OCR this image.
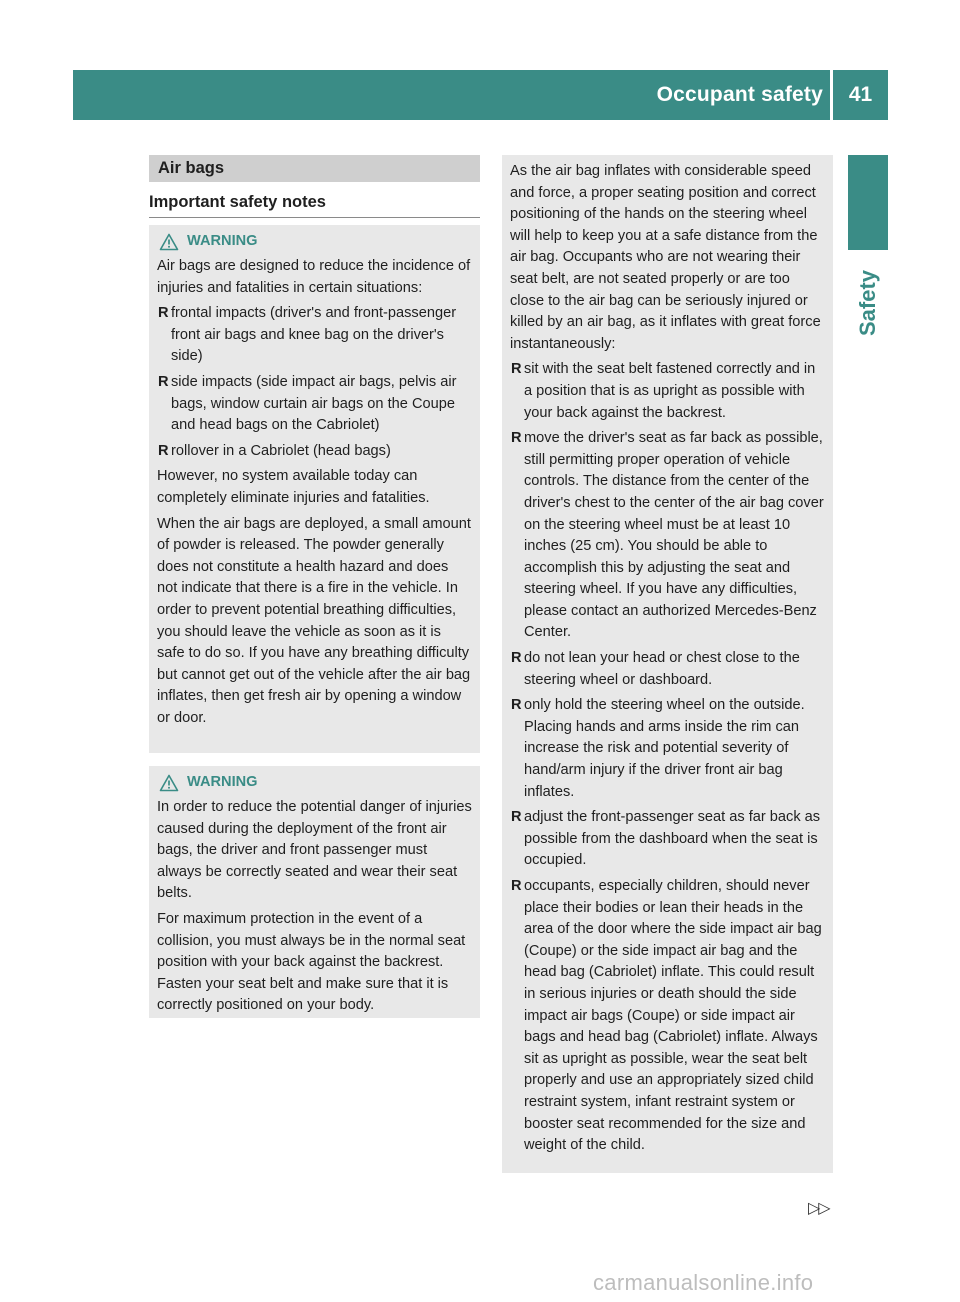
Occupant safety	41
Safety
Air bags
Important safety notes
WARNING

Air bags are designed to reduce the incidence of injuries and fatalities in certain situations:

R frontal impacts (driver's and front-passenger front air bags and knee bag on the driver's side)
R side impacts (side impact air bags, pelvis air bags, window curtain air bags on the Coupe and head bags on the Cabriolet)
R rollover in a Cabriolet (head bags)

However, no system available today can completely eliminate injuries and fatalities.

When the air bags are deployed, a small amount of powder is released. The powder generally does not constitute a health hazard and does not indicate that there is a fire in the vehicle. In order to prevent potential breathing difficulties, you should leave the vehicle as soon as it is safe to do so. If you have any breathing difficulty but cannot get out of the vehicle after the air bag inflates, then get fresh air by opening a window or door.

WARNING

In order to reduce the potential danger of injuries caused during the deployment of the front air bags, the driver and front passenger must always be correctly seated and wear their seat belts.

For maximum protection in the event of a collision, you must always be in the normal seat position with your back against the backrest. Fasten your seat belt and make sure that it is correctly positioned on your body.

As the air bag inflates with considerable speed and force, a proper seating position and correct positioning of the hands on the steering wheel will help to keep you at a safe distance from the air bag. Occupants who are not wearing their seat belt, are not seated properly or are too close to the air bag can be seriously injured or killed by an air bag, as it inflates with great force instantaneously:

R sit with the seat belt fastened correctly and in a position that is as upright as possible with your back against the backrest.
R move the driver's seat as far back as possible, still permitting proper operation of vehicle controls. The distance from the center of the driver's chest to the center of the air bag cover on the steering wheel must be at least 10 inches (25 cm). You should be able to accomplish this by adjusting the seat and steering wheel. If you have any difficulties, please contact an authorized Mercedes-Benz Center.
R do not lean your head or chest close to the steering wheel or dashboard.
R only hold the steering wheel on the outside. Placing hands and arms inside the rim can increase the risk and potential severity of hand/arm injury if the driver front air bag inflates.
R adjust the front-passenger seat as far back as possible from the dashboard when the seat is occupied.
R occupants, especially children, should never place their bodies or lean their heads in the area of the door where the side impact air bag (Coupe) or the side impact air bag and the head bag (Cabriolet) inflate. This could result in serious injuries or death should the side impact air bags (Coupe) or side impact air bags and head bag (Cabriolet) inflate. Always sit as upright as possible, wear the seat belt properly and use an appropriately sized child restraint system, infant restraint system or booster seat recommended for the size and weight of the child.
▷▷
carmanualsonline.info
